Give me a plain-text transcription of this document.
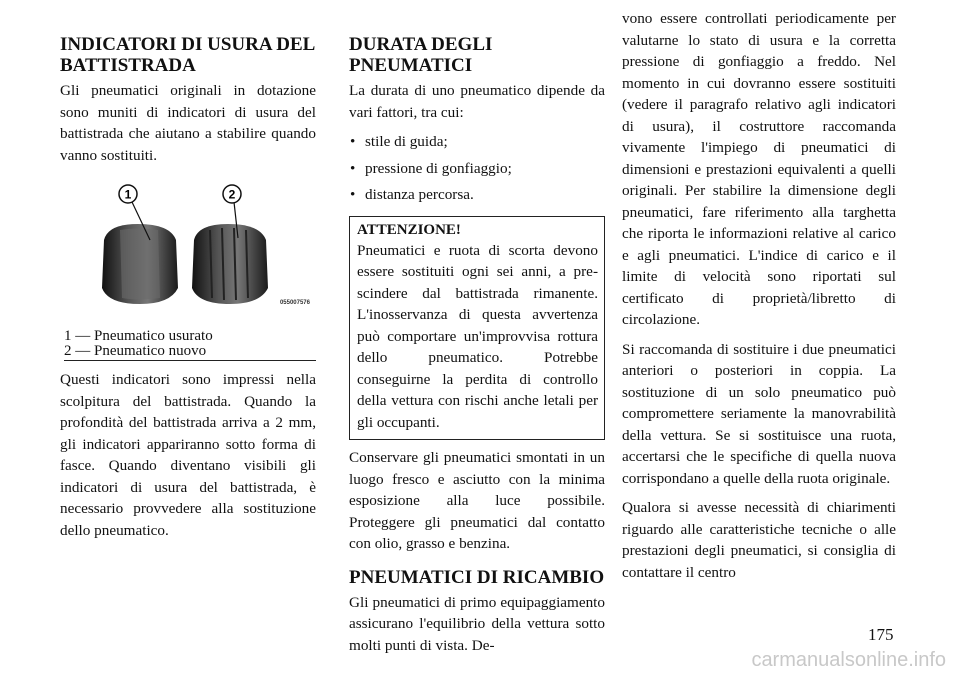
INDICATORI DI USURA DEL BATTISTRADA

Gli pneumatici originali in dotazione sono muniti di indicatori di usura del battistrada che aiutano a stabilire quando vanno sostituiti.

1	2
055007576
1 — Pneumatico usurato
2 — Pneumatico nuovo

Questi indicatori sono impressi nella scolpitura del battistrada. Quando la profondità del battistrada arriva a 2 mm, gli indicatori appariranno sotto forma di fasce. Quando diventano visibili gli indicatori di usura del battistrada, è necessario provvedere alla sostituzione dello pneumatico.

DURATA DEGLI PNEUMATICI

La durata di uno pneumatico dipende da vari fattori, tra cui:

• stile di guida;
• pressione di gonfiaggio;
• distanza percorsa.
ATTENZIONE!

Pneumatici e ruota di scorta devono essere sostituiti ogni sei anni, a prescindere dal battistrada rimanente. L'inosservanza di questa avvertenza può comportare un'improvvisa rottura dello pneumatico. Potrebbe conseguirne la perdita di controllo della vettura con rischi anche letali per gli occupanti.

Conservare gli pneumatici smontati in un luogo fresco e asciutto con la minima esposizione alla luce possibile. Proteggere gli pneumatici dal contatto con olio, grasso e benzina.

PNEUMATICI DI RICAMBIO

Gli pneumatici di primo equipaggiamento assicurano l'equilibrio della vettura sotto molti punti di vista. De-

vono essere controllati periodicamente per valutarne lo stato di usura e la corretta pressione di gonfiaggio a freddo. Nel momento in cui dovranno essere sostituiti (vedere il paragrafo relativo agli indicatori di usura), il costruttore raccomanda vivamente l'impiego di pneumatici di dimensioni e prestazioni equivalenti a quelli originali. Per stabilire la dimensione degli pneumatici, fare riferimento alla targhetta che riporta le informazioni relative al carico e agli pneumatici. L'indice di carico e il limite di velocità sono riportati sul certificato di proprietà/libretto di circolazione.

Si raccomanda di sostituire i due pneumatici anteriori o posteriori in coppia. La sostituzione di un solo pneumatico può compromettere seriamente la manovrabilità della vettura. Se si sostituisce una ruota, accertarsi che le specifiche di quella nuova corrispondano a quelle della ruota originale.

Qualora si avesse necessità di chiarimenti riguardo alle caratteristiche tecniche o alle prestazioni degli pneumatici, si consiglia di contattare il centro

175
carmanualsonline.info
